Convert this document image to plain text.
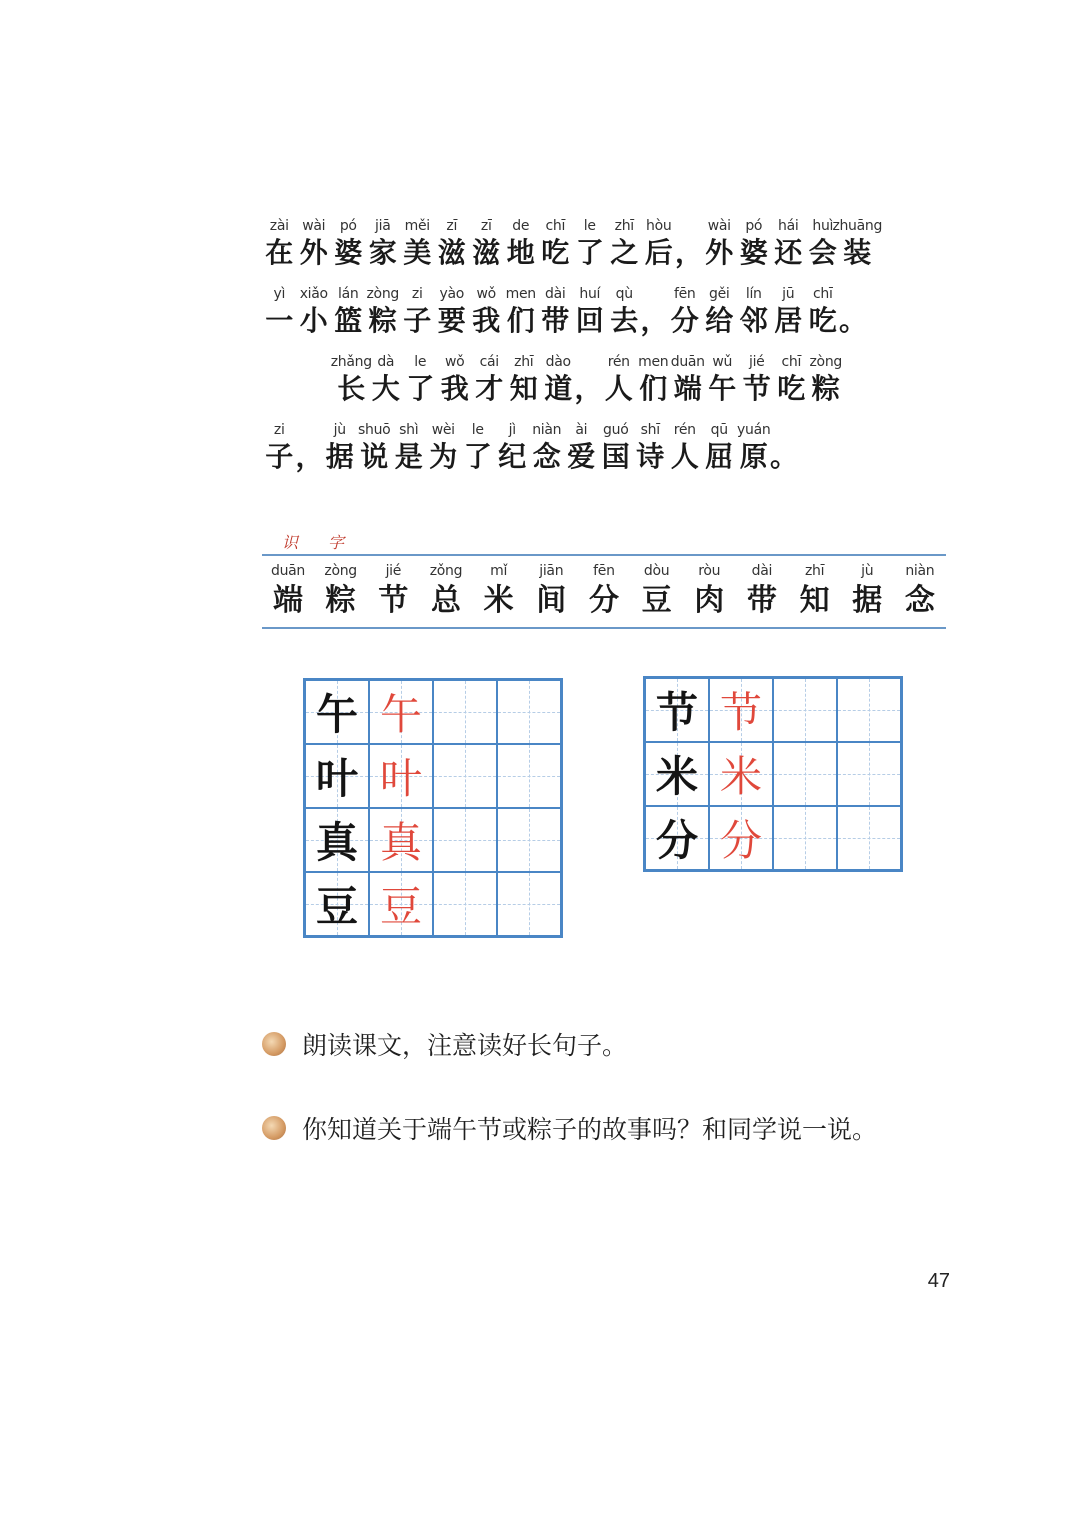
zài
在
wài
外
pó
婆
jiā
家
měi
美
zī
滋
zī
滋
de
地
chī
吃
le
了
zhī
之
hòu
后 ，
wài
外
pó
婆
hái
还
huì
会
zhuāng
装
yì
一
xiǎo
小
lán
篮
zòng
粽
zi
子
yào
要
wǒ
我
men
们
dài
带
huí
回
qù
去 ，
fēn
分
gěi
给
lín
邻
jū
居
chī
吃 。
zhǎng
长
dà
大
le
了
wǒ
我
cái
才
zhī
知
dào
道 ，
rén
人
men
们
duān
端
wǔ
午
jié
节
chī
吃
zòng
粽
zi
子 ，
jù
据
shuō
说
shì
是
wèi
为
le
了
jì
纪
niàn
念
ài
爱
guó
国
shī
诗
rén
人
qū
屈
yuán
原 。
识字
duān
端
zòng
粽
jié
节
zǒng
总
mǐ
米
jiān
间
fēn
分
dòu
豆
ròu
肉
dài
带
zhī
知
jù
据
niàn
念
午 午
叶 叶
真 真
豆 豆
节 节
米 米
分 分
朗读课文，注意读好长句子。
你知道关于端午节或粽子的故事吗？和同学说一说。
47
